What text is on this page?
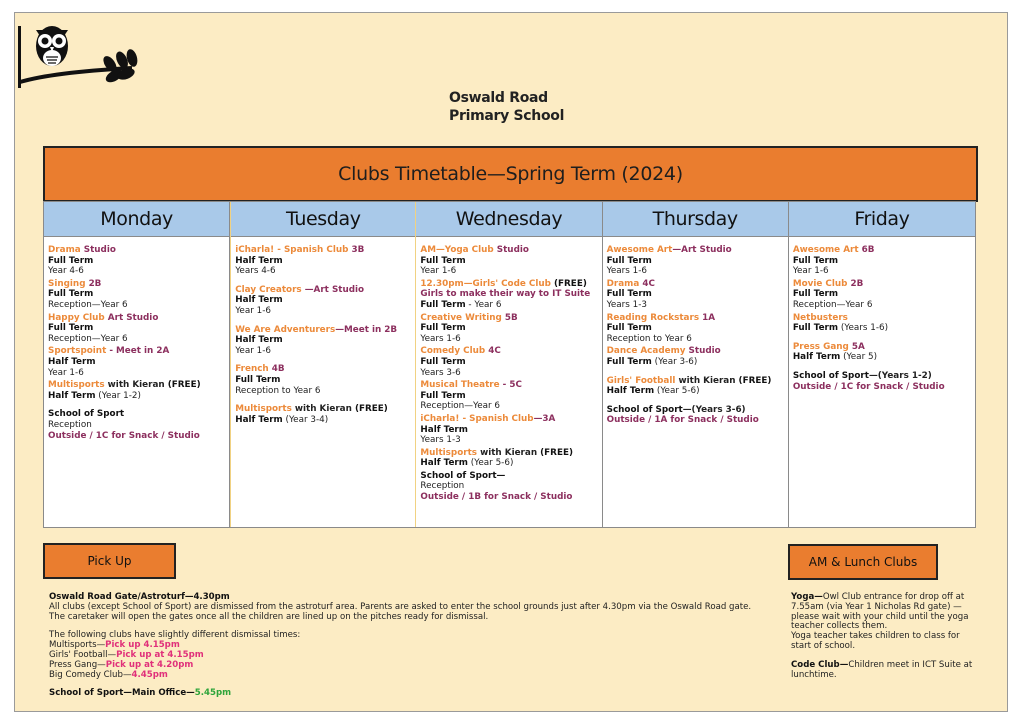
Oswald Road
Primary School
Clubs Timetable—Spring Term (2024)
Monday
Drama Studio
Full Term
Year 4-6
Singing 2B
Full Term
Reception—Year 6
Happy Club Art Studio
Full Term
Reception—Year 6
Sportspoint - Meet in 2A
Half Term
Year 1-6
Multisports with Kieran (FREE)
Half Term (Year 1-2)
School of Sport
Reception
Outside / 1C for Snack / Studio
Tuesday
iCharla! - Spanish Club 3B
Half Term
Years 4-6
Clay Creators —Art Studio
Half Term
Year 1-6
We Are Adventurers—Meet in 2B
Half Term
Year 1-6
French 4B
Full Term
Reception to Year 6
Multisports with Kieran (FREE)
Half Term (Year 3-4)
Wednesday
AM—Yoga Club Studio
Full Term
Year 1-6
12.30pm—Girls' Code Club (FREE)
Girls to make their way to IT Suite
Full Term - Year 6
Creative Writing 5B
Full Term
Years 1-6
Comedy Club 4C
Full Term
Years 3-6
Musical Theatre - 5C
Full Term
Reception—Year 6
iCharla! - Spanish Club—3A
Half Term
Years 1-3
Multisports with Kieran (FREE)
Half Term (Year 5-6)
School of Sport—
Reception
Outside / 1B for Snack / Studio
Thursday
Awesome Art—Art Studio
Full Term
Years 1-6
Drama 4C
Full Term
Years 1-3
Reading Rockstars 1A
Full Term
Reception to Year 6
Dance Academy Studio
Full Term (Year 3-6)
Girls' Football with Kieran (FREE)
Half Term (Year 5-6)
School of Sport—(Years 3-6)
Outside / 1A for Snack / Studio
Friday
Awesome Art 6B
Full Term
Year 1-6
Movie Club 2B
Full Term
Reception—Year 6
Netbusters
Full Term (Years 1-6)
Press Gang 5A
Half Term (Year 5)
School of Sport—(Years 1-2)
Outside / 1C for Snack / Studio
Pick Up	AM & Lunch Clubs
Oswald Road Gate/Astroturf—4.30pm
All clubs (except School of Sport) are dismissed from the astroturf area. Parents are asked to enter the school grounds just after 4.30pm via the Oswald Road gate.
The caretaker will open the gates once all the children are lined up on the pitches ready for dismissal.
The following clubs have slightly different dismissal times:
Multisports—Pick up 4.15pm
Girls' Football—Pick up at 4.15pm
Press Gang—Pick up at 4.20pm
Big Comedy Club—4.45pm
School of Sport—Main Office—5.45pm
Yoga—Owl Club entrance for drop off at 7.55am (via Year 1 Nicholas Rd gate) — please wait with your child until the yoga teacher collects them.
Yoga teacher takes children to class for start of school.
Code Club—Children meet in ICT Suite at lunchtime.
